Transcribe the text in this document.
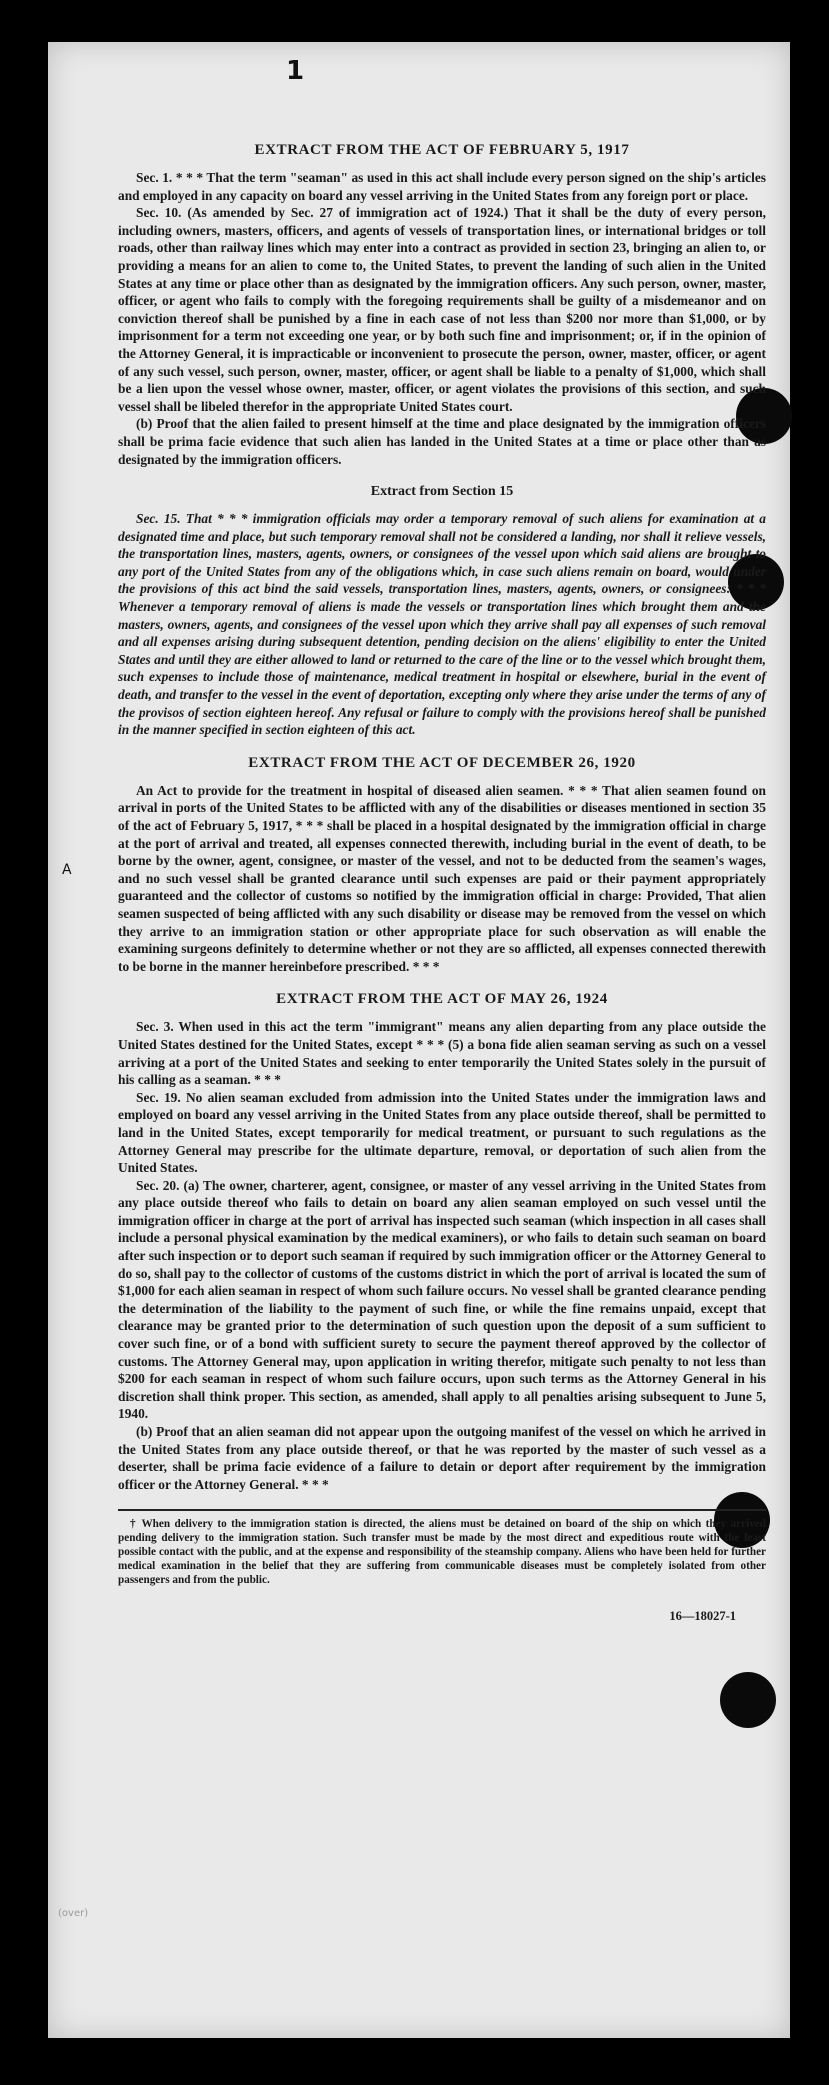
1
A
(over)
EXTRACT FROM THE ACT OF FEBRUARY 5, 1917

Sec. 1. * * * That the term "seaman" as used in this act shall include every person signed on the ship's articles and employed in any capacity on board any vessel arriving in the United States from any foreign port or place.

Sec. 10. (As amended by Sec. 27 of immigration act of 1924.) That it shall be the duty of every person, including owners, masters, officers, and agents of vessels of transportation lines, or international bridges or toll roads, other than railway lines which may enter into a contract as provided in section 23, bringing an alien to, or providing a means for an alien to come to, the United States, to prevent the landing of such alien in the United States at any time or place other than as designated by the immigration officers. Any such person, owner, master, officer, or agent who fails to comply with the foregoing requirements shall be guilty of a misdemeanor and on conviction thereof shall be punished by a fine in each case of not less than $200 nor more than $1,000, or by imprisonment for a term not exceeding one year, or by both such fine and imprisonment; or, if in the opinion of the Attorney General, it is impracticable or inconvenient to prosecute the person, owner, master, officer, or agent of any such vessel, such person, owner, master, officer, or agent shall be liable to a penalty of $1,000, which shall be a lien upon the vessel whose owner, master, officer, or agent violates the provisions of this section, and such vessel shall be libeled therefor in the appropriate United States court.

(b) Proof that the alien failed to present himself at the time and place designated by the immigration officers shall be prima facie evidence that such alien has landed in the United States at a time or place other than as designated by the immigration officers.

Extract from Section 15

Sec. 15. That * * * immigration officials may order a temporary removal of such aliens for examination at a designated time and place, but such temporary removal shall not be considered a landing, nor shall it relieve vessels, the transportation lines, masters, agents, owners, or consignees of the vessel upon which said aliens are brought to any port of the United States from any of the obligations which, in case such aliens remain on board, would under the provisions of this act bind the said vessels, transportation lines, masters, agents, owners, or consignees: * * * Whenever a temporary removal of aliens is made the vessels or transportation lines which brought them and the masters, owners, agents, and consignees of the vessel upon which they arrive shall pay all expenses of such removal and all expenses arising during subsequent detention, pending decision on the aliens' eligibility to enter the United States and until they are either allowed to land or returned to the care of the line or to the vessel which brought them, such expenses to include those of maintenance, medical treatment in hospital or elsewhere, burial in the event of death, and transfer to the vessel in the event of deportation, excepting only where they arise under the terms of any of the provisos of section eighteen hereof. Any refusal or failure to comply with the provisions hereof shall be punished in the manner specified in section eighteen of this act.

EXTRACT FROM THE ACT OF DECEMBER 26, 1920

An Act to provide for the treatment in hospital of diseased alien seamen. * * * That alien seamen found on arrival in ports of the United States to be afflicted with any of the disabilities or diseases mentioned in section 35 of the act of February 5, 1917, * * * shall be placed in a hospital designated by the immigration official in charge at the port of arrival and treated, all expenses connected therewith, including burial in the event of death, to be borne by the owner, agent, consignee, or master of the vessel, and not to be deducted from the seamen's wages, and no such vessel shall be granted clearance until such expenses are paid or their payment appropriately guaranteed and the collector of customs so notified by the immigration official in charge: Provided, That alien seamen suspected of being afflicted with any such disability or disease may be removed from the vessel on which they arrive to an immigration station or other appropriate place for such observation as will enable the examining surgeons definitely to determine whether or not they are so afflicted, all expenses connected therewith to be borne in the manner hereinbefore prescribed. * * *

EXTRACT FROM THE ACT OF MAY 26, 1924

Sec. 3. When used in this act the term "immigrant" means any alien departing from any place outside the United States destined for the United States, except * * * (5) a bona fide alien seaman serving as such on a vessel arriving at a port of the United States and seeking to enter temporarily the United States solely in the pursuit of his calling as a seaman. * * *

Sec. 19. No alien seaman excluded from admission into the United States under the immigration laws and employed on board any vessel arriving in the United States from any place outside thereof, shall be permitted to land in the United States, except temporarily for medical treatment, or pursuant to such regulations as the Attorney General may prescribe for the ultimate departure, removal, or deportation of such alien from the United States.

Sec. 20. (a) The owner, charterer, agent, consignee, or master of any vessel arriving in the United States from any place outside thereof who fails to detain on board any alien seaman employed on such vessel until the immigration officer in charge at the port of arrival has inspected such seaman (which inspection in all cases shall include a personal physical examination by the medical examiners), or who fails to detain such seaman on board after such inspection or to deport such seaman if required by such immigration officer or the Attorney General to do so, shall pay to the collector of customs of the customs district in which the port of arrival is located the sum of $1,000 for each alien seaman in respect of whom such failure occurs. No vessel shall be granted clearance pending the determination of the liability to the payment of such fine, or while the fine remains unpaid, except that clearance may be granted prior to the determination of such question upon the deposit of a sum sufficient to cover such fine, or of a bond with sufficient surety to secure the payment thereof approved by the collector of customs. The Attorney General may, upon application in writing therefor, mitigate such penalty to not less than $200 for each seaman in respect of whom such failure occurs, upon such terms as the Attorney General in his discretion shall think proper. This section, as amended, shall apply to all penalties arising subsequent to June 5, 1940.

(b) Proof that an alien seaman did not appear upon the outgoing manifest of the vessel on which he arrived in the United States from any place outside thereof, or that he was reported by the master of such vessel as a deserter, shall be prima facie evidence of a failure to detain or deport after requirement by the immigration officer or the Attorney General. * * *

† When delivery to the immigration station is directed, the aliens must be detained on board of the ship on which they arrived pending delivery to the immigration station. Such transfer must be made by the most direct and expeditious route with the least possible contact with the public, and at the expense and responsibility of the steamship company. Aliens who have been held for further medical examination in the belief that they are suffering from communicable diseases must be completely isolated from other passengers and from the public.

16—18027-1
